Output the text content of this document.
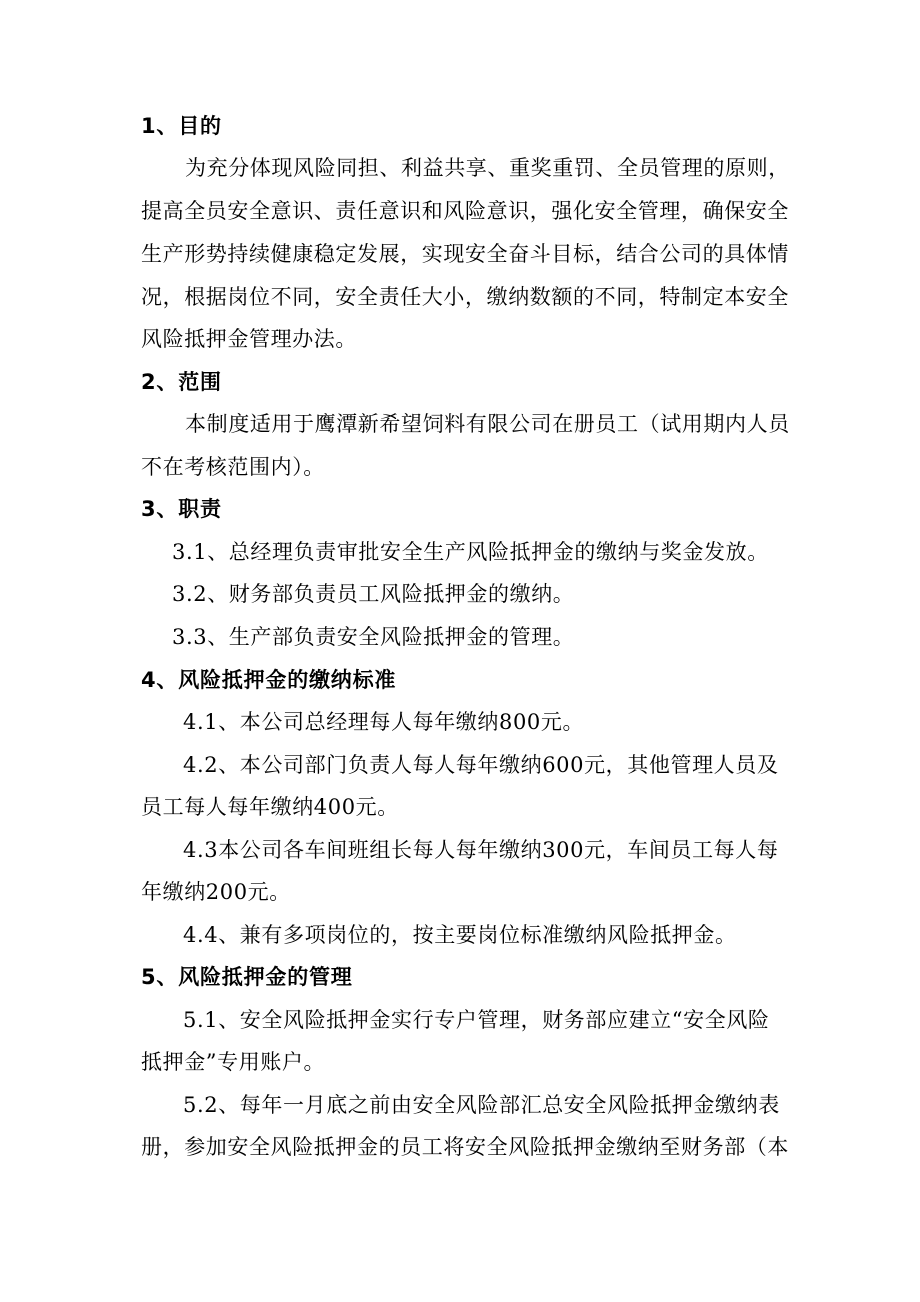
1、目的
为充分体现风险同担、利益共享、重奖重罚、全员管理的原则，
提高全员安全意识、责任意识和风险意识，强化安全管理，确保安全
生产形势持续健康稳定发展，实现安全奋斗目标，结合公司的具体情
况，根据岗位不同，安全责任大小，缴纳数额的不同，特制定本安全
风险抵押金管理办法。
2、范围
本制度适用于鹰潭新希望饲料有限公司在册员工（试用期内人员
不在考核范围内）。
3、职责
3.1、总经理负责审批安全生产风险抵押金的缴纳与奖金发放。
3.2、财务部负责员工风险抵押金的缴纳。
3.3、生产部负责安全风险抵押金的管理。
4、风险抵押金的缴纳标准
4.1、本公司总经理每人每年缴纳800元。
4.2、本公司部门负责人每人每年缴纳600元，其他管理人员及
员工每人每年缴纳400元。
4.3本公司各车间班组长每人每年缴纳300元，车间员工每人每
年缴纳200元。
4.4、兼有多项岗位的，按主要岗位标准缴纳风险抵押金。
5、风险抵押金的管理
5.1、安全风险抵押金实行专户管理，财务部应建立“安全风险
抵押金”专用账户。
5.2、每年一月底之前由安全风险部汇总安全风险抵押金缴纳表
册，参加安全风险抵押金的员工将安全风险抵押金缴纳至财务部（本
